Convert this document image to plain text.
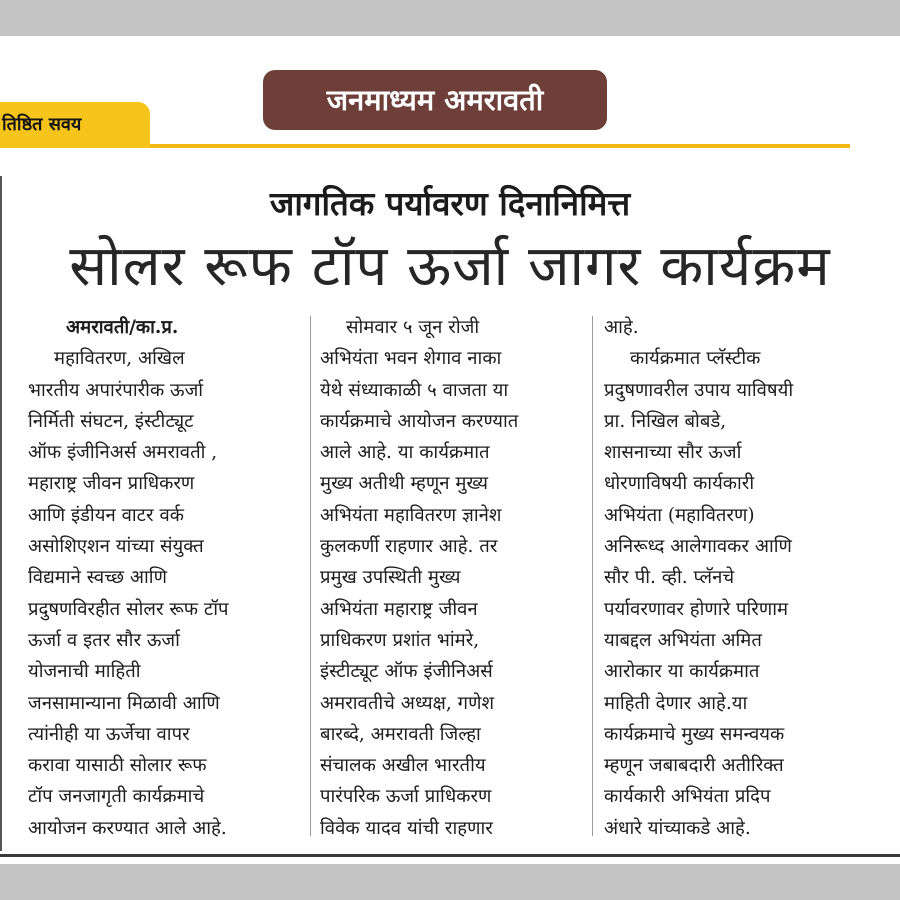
जनमाध्यम अमरावती
तिष्ठित सवय
जागतिक पर्यावरण दिनानिमित्त
सोलर रूफ टॉप ऊर्जा जागर कार्यक्रम
अमरावती/का.प्र.
महावितरण, अखिल
भारतीय अपारंपारीक ऊर्जा
निर्मिती संघटन, इंस्टीट्यूट
ऑफ इंजीनिअर्स अमरावती ,
महाराष्ट्र जीवन प्राधिकरण
आणि इंडीयन वाटर वर्क
असोशिएशन यांच्या संयुक्त
विद्यमाने स्वच्छ आणि
प्रदुषणविरहीत सोलर रूफ टॉप
ऊर्जा व इतर सौर ऊर्जा
योजनाची माहिती
जनसामान्याना मिळावी आणि
त्यांनीही या ऊर्जेचा वापर
करावा यासाठी सोलार रूफ
टॉप जनजागृती कार्यक्रमाचे
आयोजन करण्यात आले आहे.
सोमवार ५ जून रोजी
अभियंता भवन शेगाव नाका
येथे संध्याकाळी ५ वाजता या
कार्यक्रमाचे आयोजन करण्यात
आले आहे. या कार्यक्रमात
मुख्य अतीथी म्हणून मुख्य
अभियंता महावितरण ज्ञानेश
कुलकर्णी राहणार आहे. तर
प्रमुख उपस्थिती मुख्य
अभियंता महाराष्ट्र जीवन
प्राधिकरण प्रशांत भांमरे,
इंस्टीट्यूट ऑफ इंजीनिअर्स
अमरावतीचे अध्यक्ष, गणेश
बारब्दे, अमरावती जिल्हा
संचालक अखील भारतीय
पारंपरिक ऊर्जा प्राधिकरण
विवेक यादव यांची राहणार
आहे.
कार्यक्रमात प्लॅस्टीक
प्रदुषणावरील उपाय याविषयी
प्रा. निखिल बोबडे,
शासनाच्या सौर ऊर्जा
धोरणाविषयी कार्यकारी
अभियंता (महावितरण)
अनिरूध्द आलेगावकर आणि
सौर पी. व्ही. प्लॅनचे
पर्यावरणावर होणारे परिणाम
याबद्दल अभियंता अमित
आरोकार या कार्यक्रमात
माहिती देणार आहे.या
कार्यक्रमाचे मुख्य समन्वयक
म्हणून जबाबदारी अतीरिक्त
कार्यकारी अभियंता प्रदिप
अंधारे यांच्याकडे आहे.
